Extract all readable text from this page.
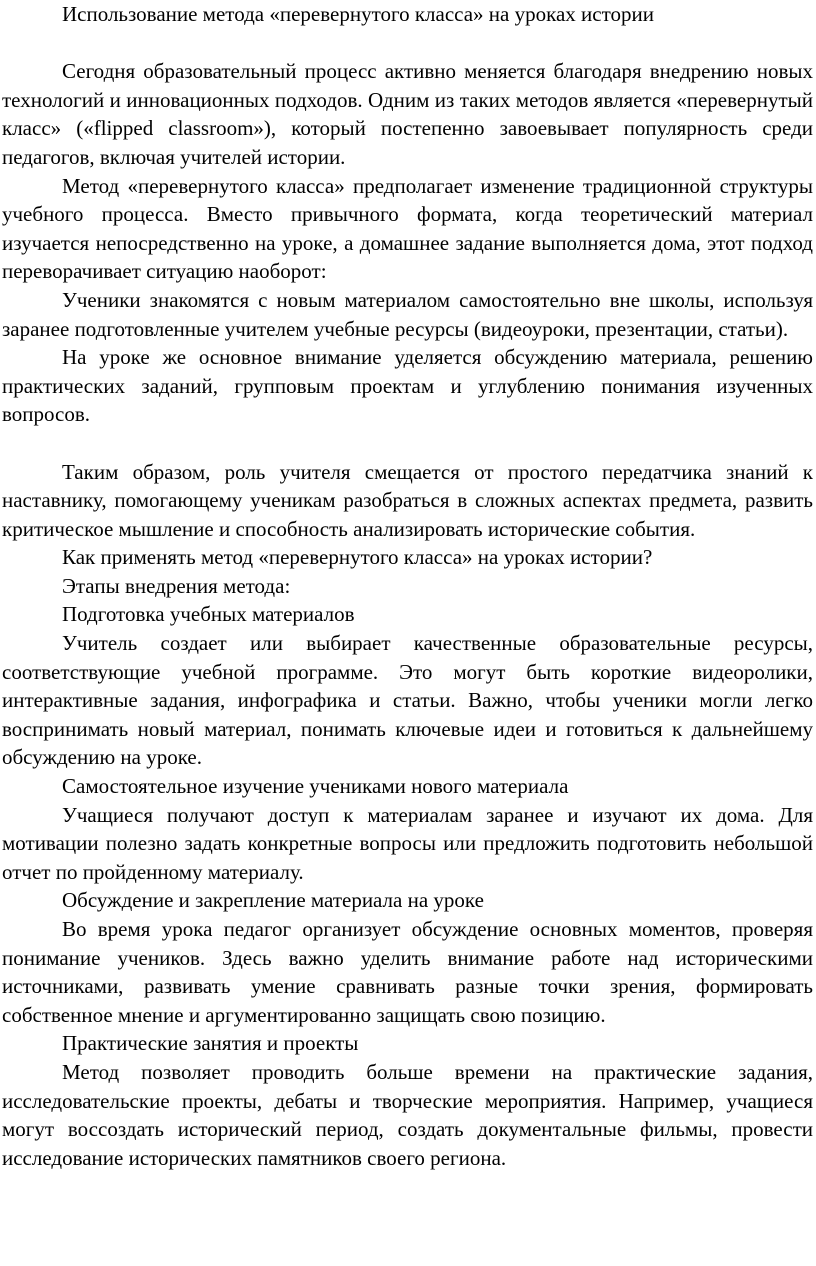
Использование метода «перевернутого класса» на уроках истории

Сегодня образовательный процесс активно меняется благодаря внедрению новых технологий и инновационных подходов. Одним из таких методов является «перевернутый класс» («flipped classroom»), который постепенно завоевывает популярность среди педагогов, включая учителей истории.

Метод «перевернутого класса» предполагает изменение традиционной структуры учебного процесса. Вместо привычного формата, когда теоретический материал изучается непосредственно на уроке, а домашнее задание выполняется дома, этот подход переворачивает ситуацию наоборот:

Ученики знакомятся с новым материалом самостоятельно вне школы, используя заранее подготовленные учителем учебные ресурсы (видеоуроки, презентации, статьи).

На уроке же основное внимание уделяется обсуждению материала, решению практических заданий, групповым проектам и углублению понимания изученных вопросов.

Таким образом, роль учителя смещается от простого передатчика знаний к наставнику, помогающему ученикам разобраться в сложных аспектах предмета, развить критическое мышление и способность анализировать исторические события.

Как применять метод «перевернутого класса» на уроках истории?

Этапы внедрения метода:

Подготовка учебных материалов

Учитель создает или выбирает качественные образовательные ресурсы, соответствующие учебной программе. Это могут быть короткие видеоролики, интерактивные задания, инфографика и статьи. Важно, чтобы ученики могли легко воспринимать новый материал, понимать ключевые идеи и готовиться к дальнейшему обсуждению на уроке.

Самостоятельное изучение учениками нового материала

Учащиеся получают доступ к материалам заранее и изучают их дома. Для мотивации полезно задать конкретные вопросы или предложить подготовить небольшой отчет по пройденному материалу.

Обсуждение и закрепление материала на уроке

Во время урока педагог организует обсуждение основных моментов, проверяя понимание учеников. Здесь важно уделить внимание работе над историческими источниками, развивать умение сравнивать разные точки зрения, формировать собственное мнение и аргументированно защищать свою позицию.

Практические занятия и проекты

Метод позволяет проводить больше времени на практические задания, исследовательские проекты, дебаты и творческие мероприятия. Например, учащиеся могут воссоздать исторический период, создать документальные фильмы, провести исследование исторических памятников своего региона.
